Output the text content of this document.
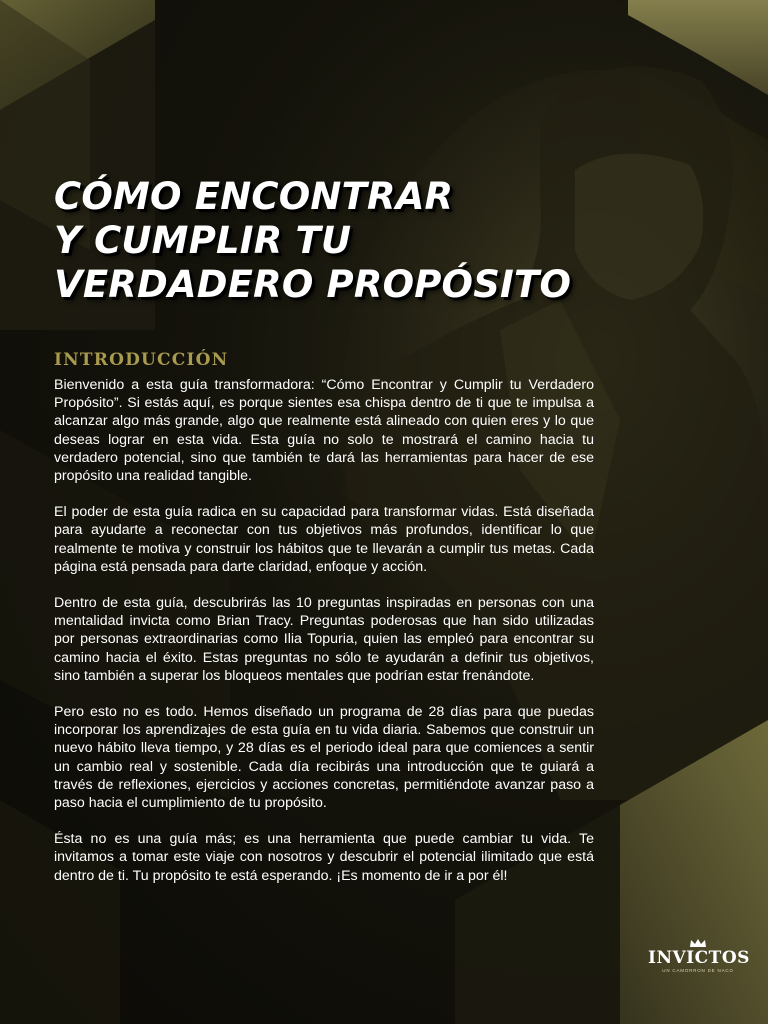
CÓMO ENCONTRAR
Y CUMPLIR TU
VERDADERO PROPÓSITO
INTRODUCCIÓN

Bienvenido a esta guía transformadora: “Cómo Encontrar y Cumplir tu Verdadero Propósito”. Si estás aquí, es porque sientes esa chispa dentro de ti que te impulsa a alcanzar algo más grande, algo que realmente está alineado con quien eres y lo que deseas lograr en esta vida. Esta guía no solo te mostrará el camino hacia tu verdadero potencial, sino que también te dará las herramientas para hacer de ese propósito una realidad tangible.

El poder de esta guía radica en su capacidad para transformar vidas. Está diseñada para ayudarte a reconectar con tus objetivos más profundos, identificar lo que realmente te motiva y construir los hábitos que te llevarán a cumplir tus metas. Cada página está pensada para darte claridad, enfoque y acción.

Dentro de esta guía, descubrirás las 10 preguntas inspiradas en personas con una mentalidad invicta como Brian Tracy. Preguntas poderosas que han sido utilizadas por personas extraordinarias como Ilia Topuria, quien las empleó para encontrar su camino hacia el éxito. Estas preguntas no sólo te ayudarán a definir tus objetivos, sino también a superar los bloqueos mentales que podrían estar frenándote.

Pero esto no es todo. Hemos diseñado un programa de 28 días para que puedas incorporar los aprendizajes de esta guía en tu vida diaria. Sabemos que construir un nuevo hábito lleva tiempo, y 28 días es el periodo ideal para que comiences a sentir un cambio real y sostenible. Cada día recibirás una introducción que te guiará a través de reflexiones, ejercicios y acciones concretas, permitiéndote avanzar paso a paso hacia el cumplimiento de tu propósito.

Ésta no es una guía más; es una herramienta que puede cambiar tu vida. Te invitamos a tomar este viaje con nosotros y descubrir el potencial ilimitado que está dentro de ti. Tu propósito te está esperando. ¡Es momento de ir a por él!

INVICTOS
UN CAMORRON DE NACO
